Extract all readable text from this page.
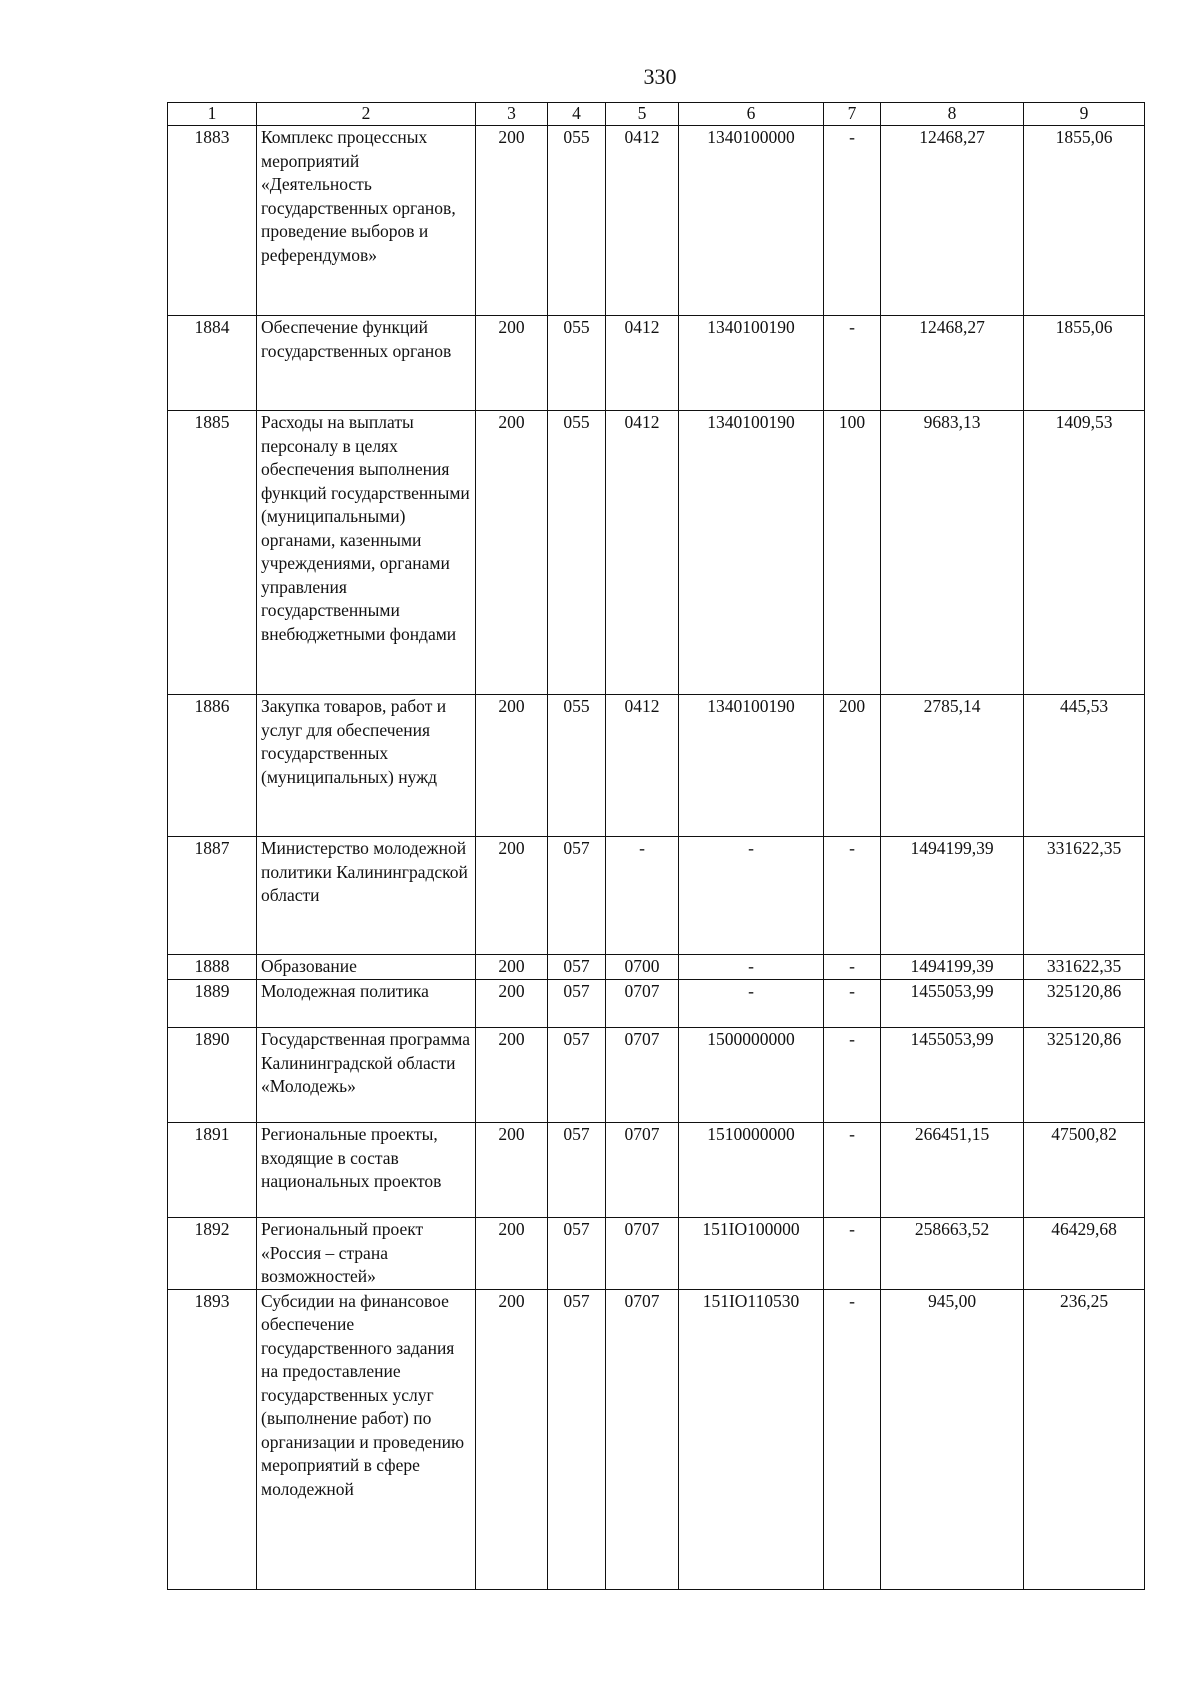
330
1	2	3	4	5	6	7	8	9
1883	Комплекс процессных мероприятий «Деятельность государственных органов, проведение выборов и референдумов»	200	055	0412	1340100000	-	12468,27	1855,06
1884	Обеспечение функций государственных органов	200	055	0412	1340100190	-	12468,27	1855,06
1885	Расходы на выплаты персоналу в целях обеспечения выполнения функций государственными (муниципальными) органами, казенными учреждениями, органами управления государственными внебюджетными фондами	200	055	0412	1340100190	100	9683,13	1409,53
1886	Закупка товаров, работ и услуг для обеспечения государственных (муниципальных) нужд	200	055	0412	1340100190	200	2785,14	445,53
1887	Министерство молодежной политики Калининградской области	200	057	-	-	-	1494199,39	331622,35
1888	Образование	200	057	0700	-	-	1494199,39	331622,35
1889	Молодежная политика	200	057	0707	-	-	1455053,99	325120,86
1890	Государственная программа Калининградской области «Молодежь»	200	057	0707	1500000000	-	1455053,99	325120,86
1891	Региональные проекты, входящие в состав национальных проектов	200	057	0707	1510000000	-	266451,15	47500,82
1892	Региональный проект «Россия – страна возможностей»	200	057	0707	151IO100000	-	258663,52	46429,68
1893	Субсидии на финансовое обеспечение государственного задания на предоставление государственных услуг (выполнение работ) по организации и проведению мероприятий в сфере молодежной	200	057	0707	151IO110530	-	945,00	236,25
